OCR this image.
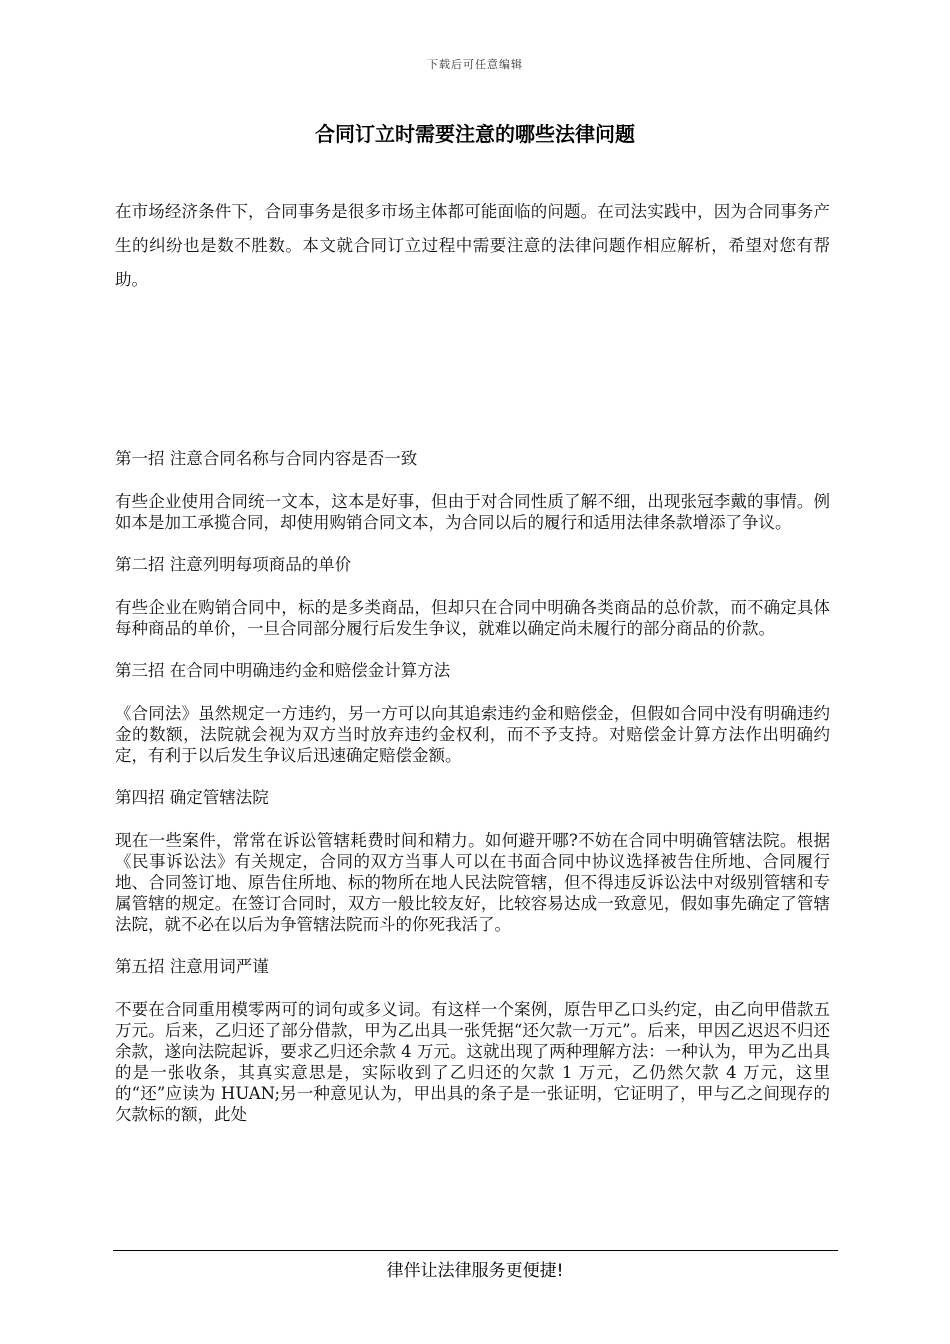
下载后可任意编辑
合同订立时需要注意的哪些法律问题

在市场经济条件下，合同事务是很多市场主体都可能面临的问题。在司法实践中，因为合同事务产生的纠纷也是数不胜数。本文就合同订立过程中需要注意的法律问题作相应解析，希望对您有帮助。

第一招 注意合同名称与合同内容是否一致

有些企业使用合同统一文本，这本是好事，但由于对合同性质了解不细，出现张冠李戴的事情。例如本是加工承揽合同，却使用购销合同文本，为合同以后的履行和适用法律条款增添了争议。

第二招 注意列明每项商品的单价

有些企业在购销合同中，标的是多类商品，但却只在合同中明确各类商品的总价款，而不确定具体每种商品的单价，一旦合同部分履行后发生争议，就难以确定尚未履行的部分商品的价款。

第三招 在合同中明确违约金和赔偿金计算方法

《合同法》虽然规定一方违约，另一方可以向其追索违约金和赔偿金，但假如合同中没有明确违约金的数额，法院就会视为双方当时放弃违约金权利，而不予支持。对赔偿金计算方法作出明确约定，有利于以后发生争议后迅速确定赔偿金额。

第四招 确定管辖法院

现在一些案件，常常在诉讼管辖耗费时间和精力。如何避开哪?不妨在合同中明确管辖法院。根据《民事诉讼法》有关规定，合同的双方当事人可以在书面合同中协议选择被告住所地、合同履行地、合同签订地、原告住所地、标的物所在地人民法院管辖，但不得违反诉讼法中对级别管辖和专属管辖的规定。在签订合同时，双方一般比较友好，比较容易达成一致意见，假如事先确定了管辖法院，就不必在以后为争管辖法院而斗的你死我活了。

第五招 注意用词严谨

不要在合同重用模零两可的词句或多义词。有这样一个案例，原告甲乙口头约定，由乙向甲借款五万元。后来，乙归还了部分借款，甲为乙出具一张凭据“还欠款一万元”。后来，甲因乙迟迟不归还余款，遂向法院起诉，要求乙归还余款 4 万元。这就出现了两种理解方法：一种认为，甲为乙出具的是一张收条，其真实意思是，实际收到了乙归还的欠款 1 万元，乙仍然欠款 4 万元，这里的“还”应读为 HUAN;另一种意见认为，甲出具的条子是一张证明，它证明了，甲与乙之间现存的欠款标的额，此处

律伴让法律服务更便捷!
